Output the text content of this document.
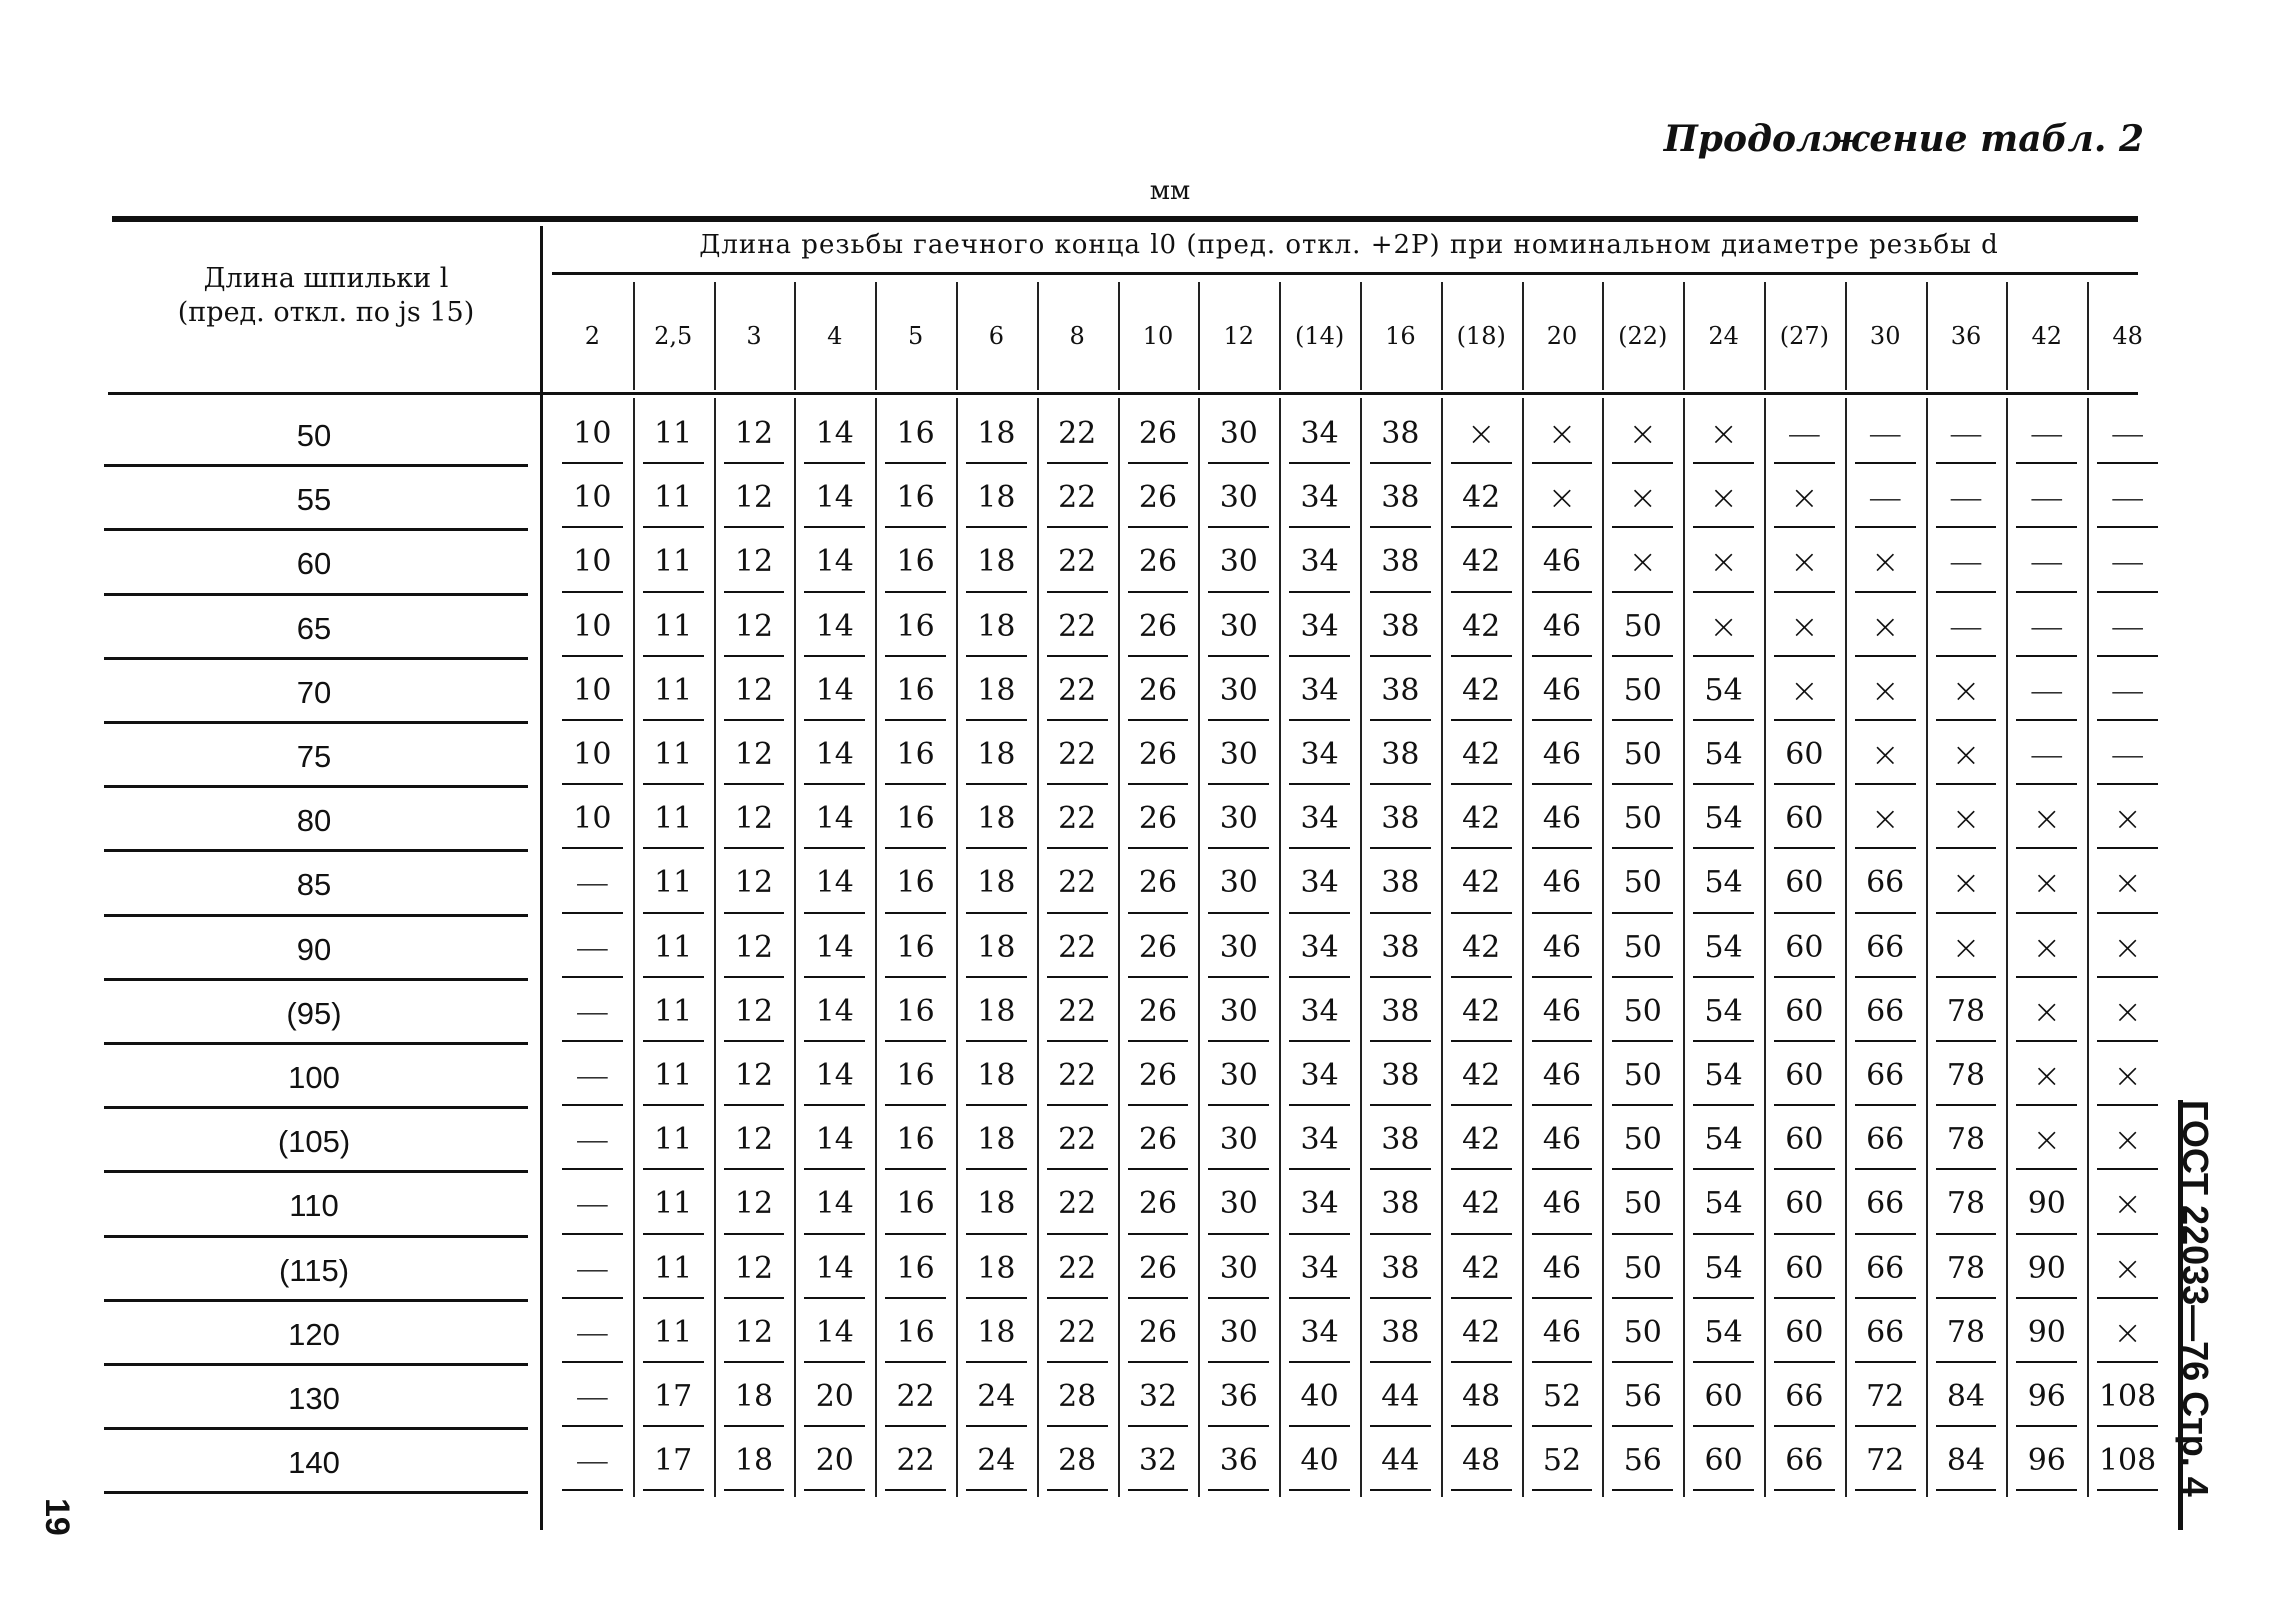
Продолжение табл. 2
мм
Длина шпильки l
(пред. откл. по js 15)
Длина резьбы гаечного конца l0 (пред. откл. +2P) при номинальном диаметре резьбы d
2	2,5	3	4	5	6	8	10	12	(14)	16	(18)	20	(22)	24	(27)	30	36	42	48
50	10 11 12 14 16 18 22 26 30 34 38 × × × × — — — — —
55	10 11 12 14 16 18 22 26 30 34 38 42 × × × × — — — —
60	10 11 12 14 16 18 22 26 30 34 38 42 46 × × × × — — —
65	10 11 12 14 16 18 22 26 30 34 38 42 46 50 × × × — — —
70	10 11 12 14 16 18 22 26 30 34 38 42 46 50 54 × × × — —
75	10 11 12 14 16 18 22 26 30 34 38 42 46 50 54 60 × × — —
80	10 11 12 14 16 18 22 26 30 34 38 42 46 50 54 60 × × × ×
85	— 11 12 14 16 18 22 26 30 34 38 42 46 50 54 60 66 × × ×
90	— 11 12 14 16 18 22 26 30 34 38 42 46 50 54 60 66 × × ×
(95)	— 11 12 14 16 18 22 26 30 34 38 42 46 50 54 60 66 78 × ×
100	— 11 12 14 16 18 22 26 30 34 38 42 46 50 54 60 66 78 × ×
(105)	— 11 12 14 16 18 22 26 30 34 38 42 46 50 54 60 66 78 × ×
110	— 11 12 14 16 18 22 26 30 34 38 42 46 50 54 60 66 78 90 ×
(115)	— 11 12 14 16 18 22 26 30 34 38 42 46 50 54 60 66 78 90 ×
120	— 11 12 14 16 18 22 26 30 34 38 42 46 50 54 60 66 78 90 ×
130	— 17 18 20 22 24 28 32 36 40 44 48 52 56 60 66 72 84 96 108
140	— 17 18 20 22 24 28 32 36 40 44 48 52 56 60 66 72 84 96 108 ГОСТ 22033—76 Стр. 4
19
